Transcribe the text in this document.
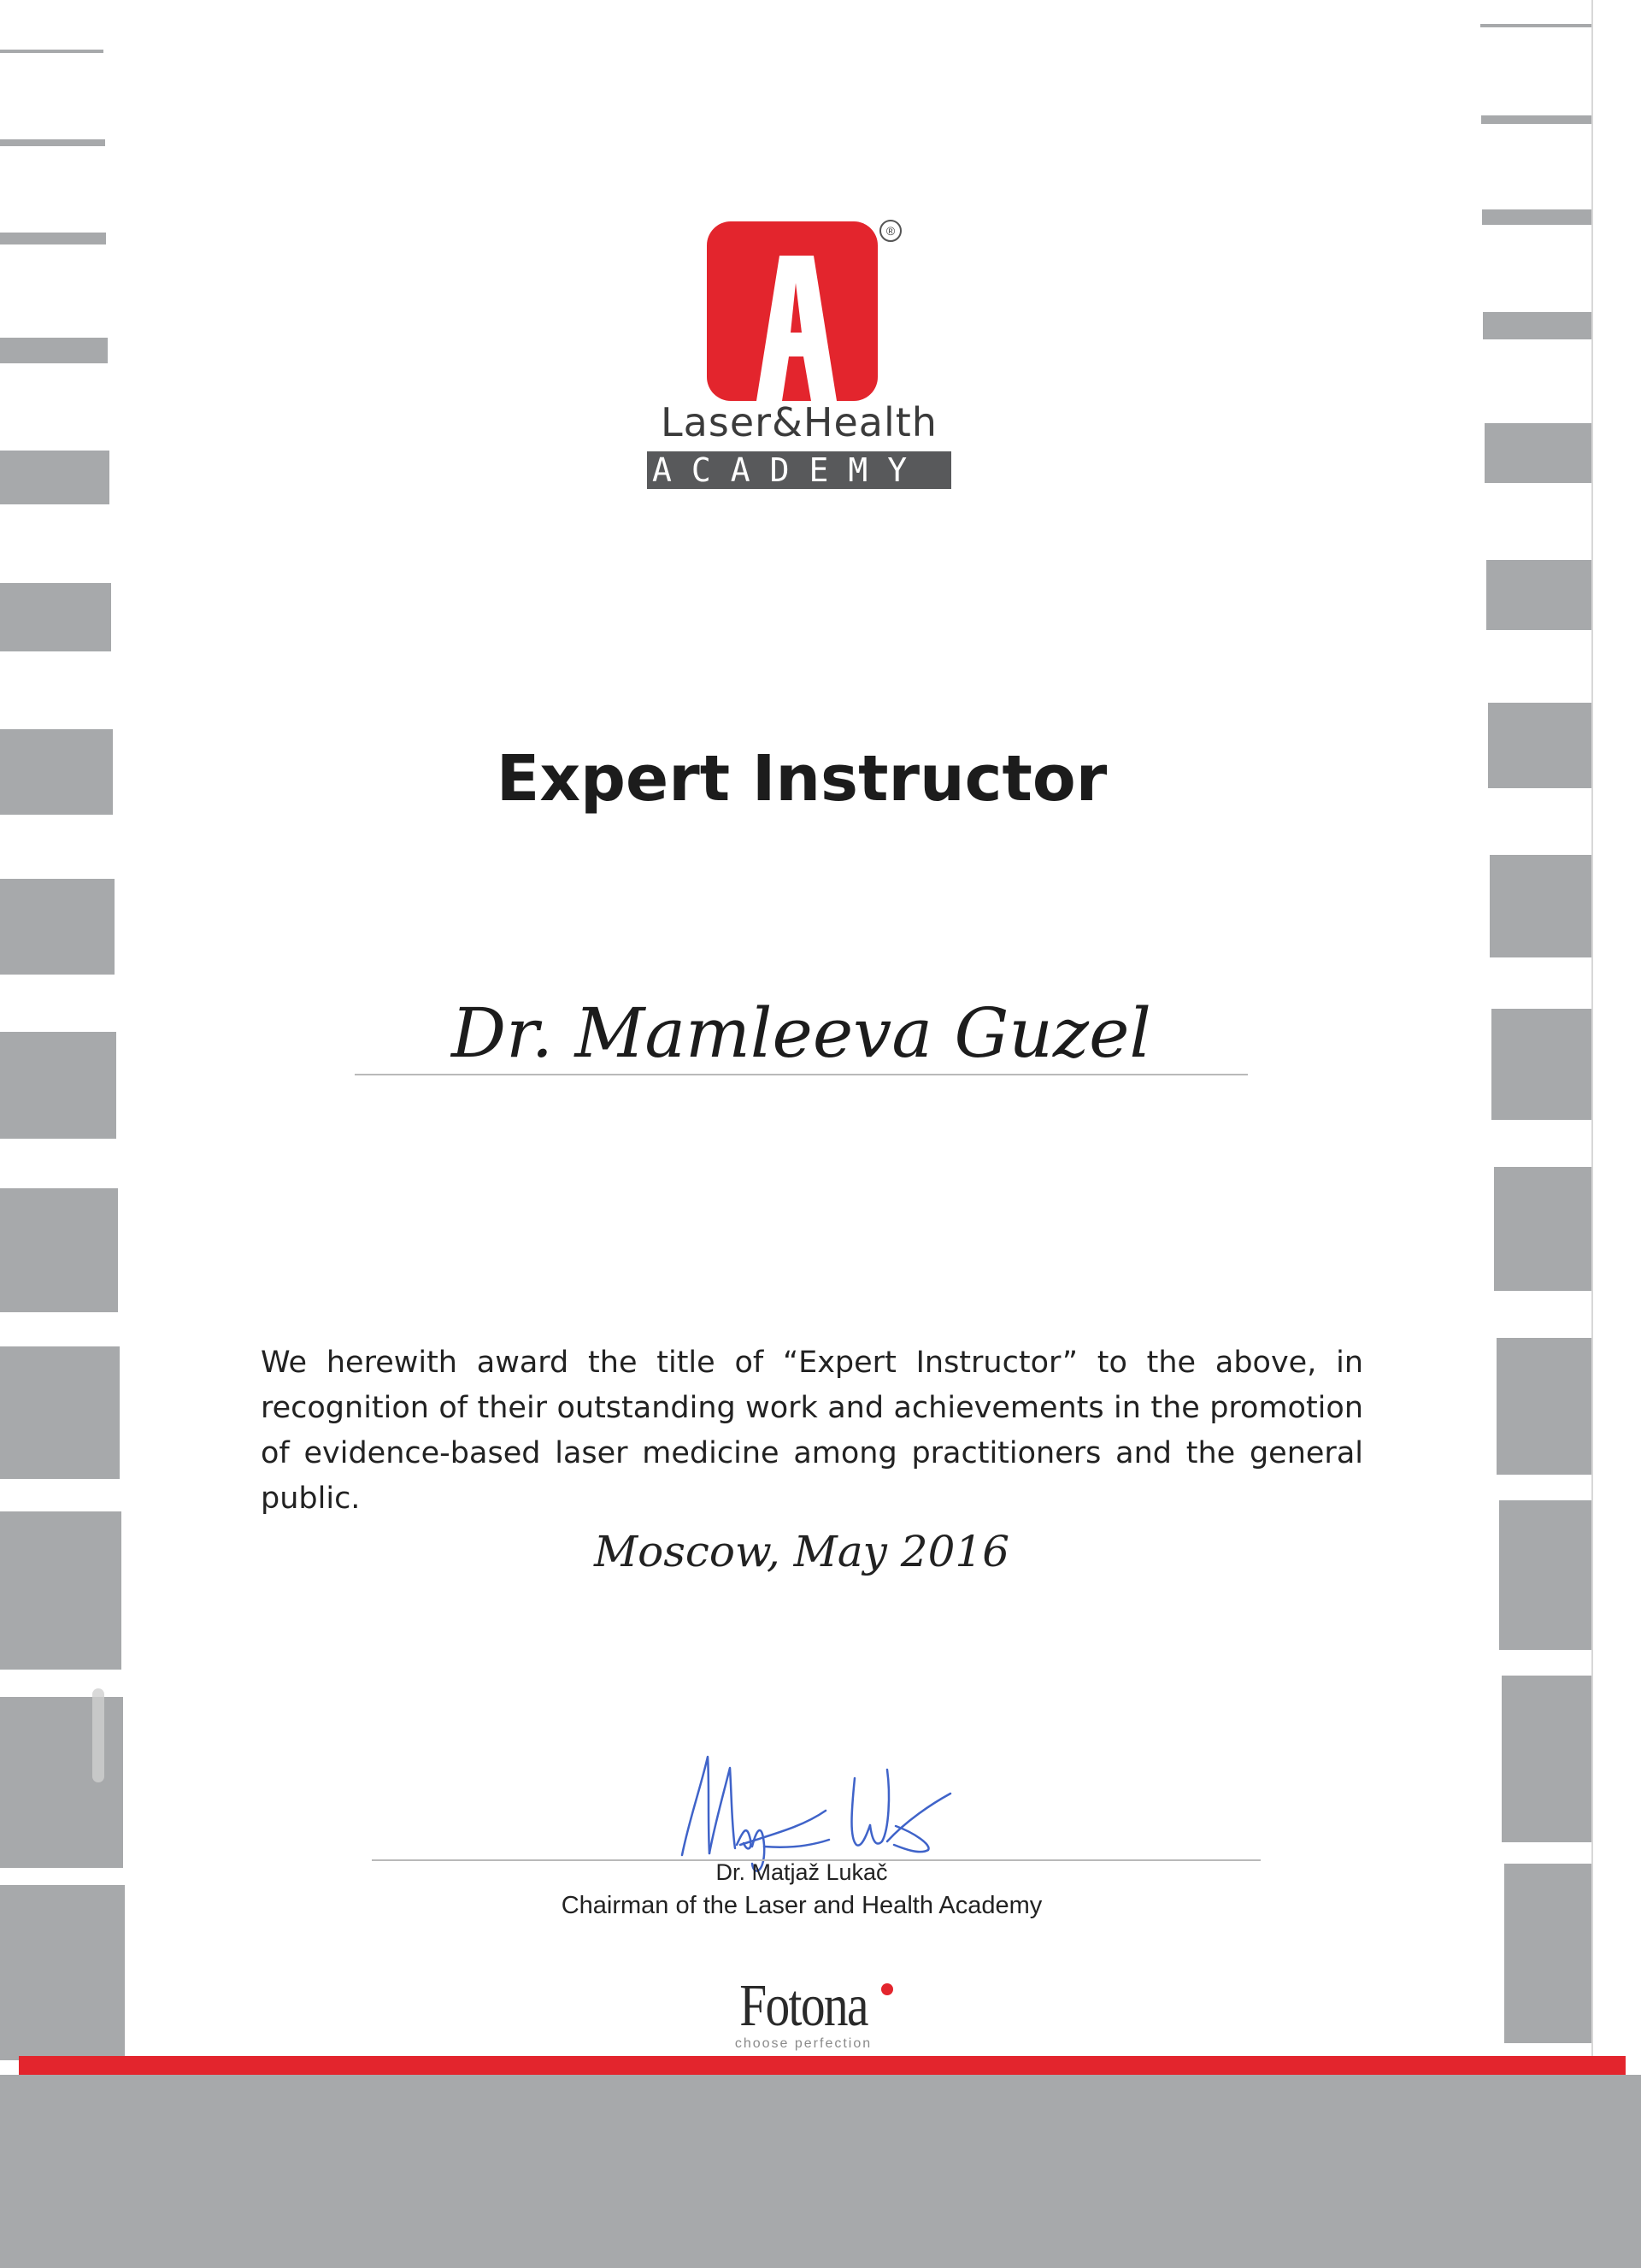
®
Laser&Health
ACADEMY
Expert Instructor
Dr. Mamleeva Guzel
We herewith award the title of “Expert Instructor” to the above, in recognition of their outstanding work and achievements in the promotion of evidence-based laser medicine among practitioners and the general public.
Moscow, May 2016
Dr. Matjaž Lukač
Chairman of the Laser and Health Academy
Fotona
choose perfection
